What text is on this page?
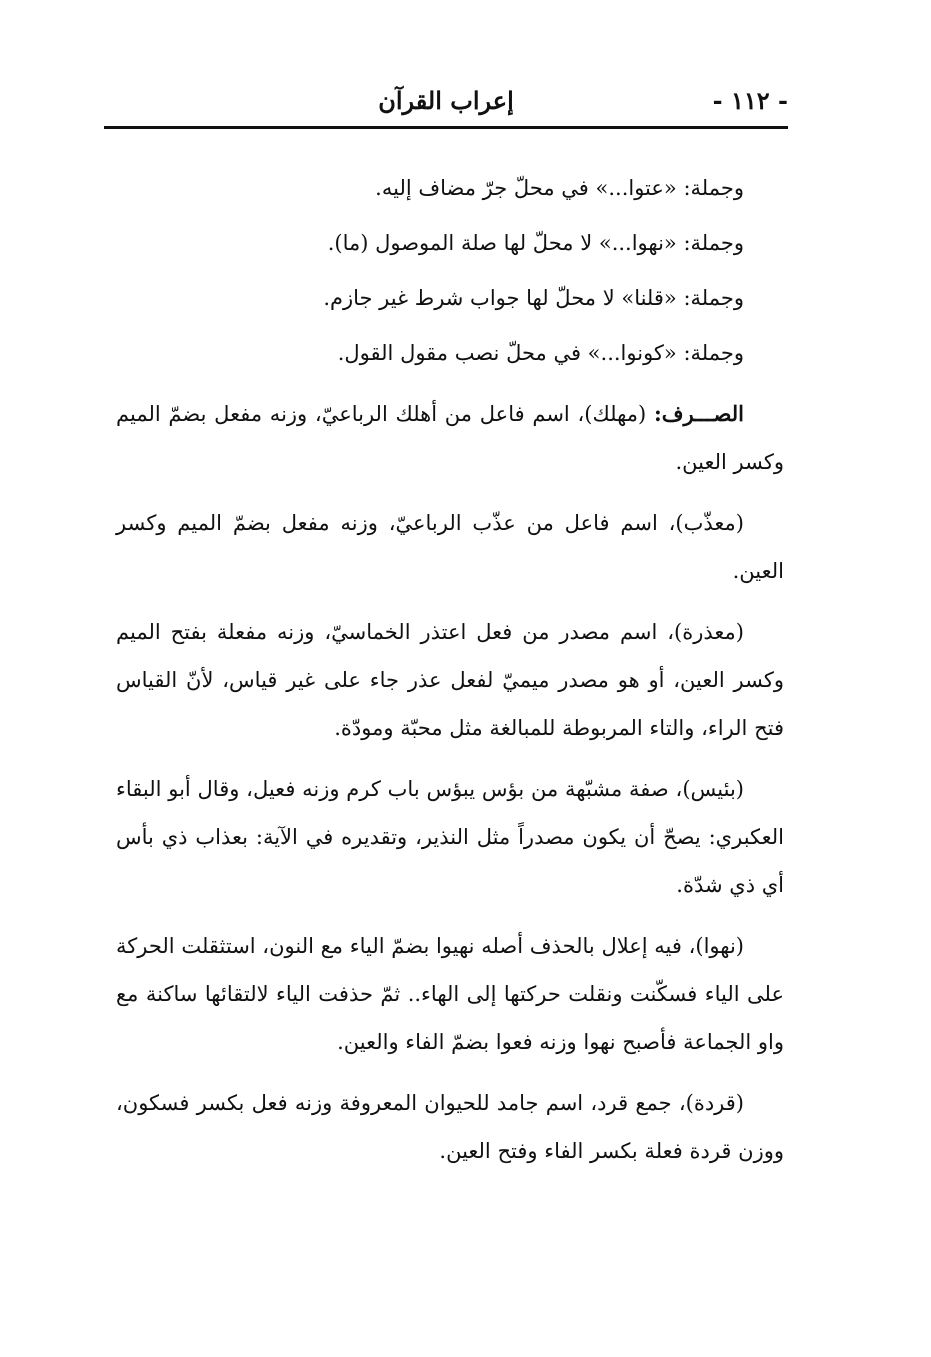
- ١١٢ -
إعراب القرآن

وجملة: «عتوا...» في محلّ جرّ مضاف إليه.

وجملة: «نهوا...» لا محلّ لها صلة الموصول (ما).

وجملة: «قلنا» لا محلّ لها جواب شرط غير جازم.

وجملة: «كونوا...» في محلّ نصب مقول القول.

الصـــرف: (مهلك)، اسم فاعل من أهلك الرباعيّ، وزنه مفعل بضمّ الميم وكسر العين.

(معذّب)، اسم فاعل من عذّب الرباعيّ، وزنه مفعل بضمّ الميم وكسر العين.

(معذرة)، اسم مصدر من فعل اعتذر الخماسيّ، وزنه مفعلة بفتح الميم وكسر العين، أو هو مصدر ميميّ لفعل عذر جاء على غير قياس، لأنّ القياس فتح الراء، والتاء المربوطة للمبالغة مثل محبّة ومودّة.

(بئيس)، صفة مشبّهة من بؤس يبؤس باب كرم وزنه فعيل، وقال أبو البقاء العكبري: يصحّ أن يكون مصدراً مثل النذير، وتقديره في الآية: بعذاب ذي بأس أي ذي شدّة.

(نهوا)، فيه إعلال بالحذف أصله نهيوا بضمّ الياء مع النون، استثقلت الحركة على الياء فسكّنت ونقلت حركتها إلى الهاء.. ثمّ حذفت الياء لالتقائها ساكنة مع واو الجماعة فأصبح نهوا وزنه فعوا بضمّ الفاء والعين.

(قردة)، جمع قرد، اسم جامد للحيوان المعروفة وزنه فعل بكسر فسكون، ووزن قردة فعلة بكسر الفاء وفتح العين.
